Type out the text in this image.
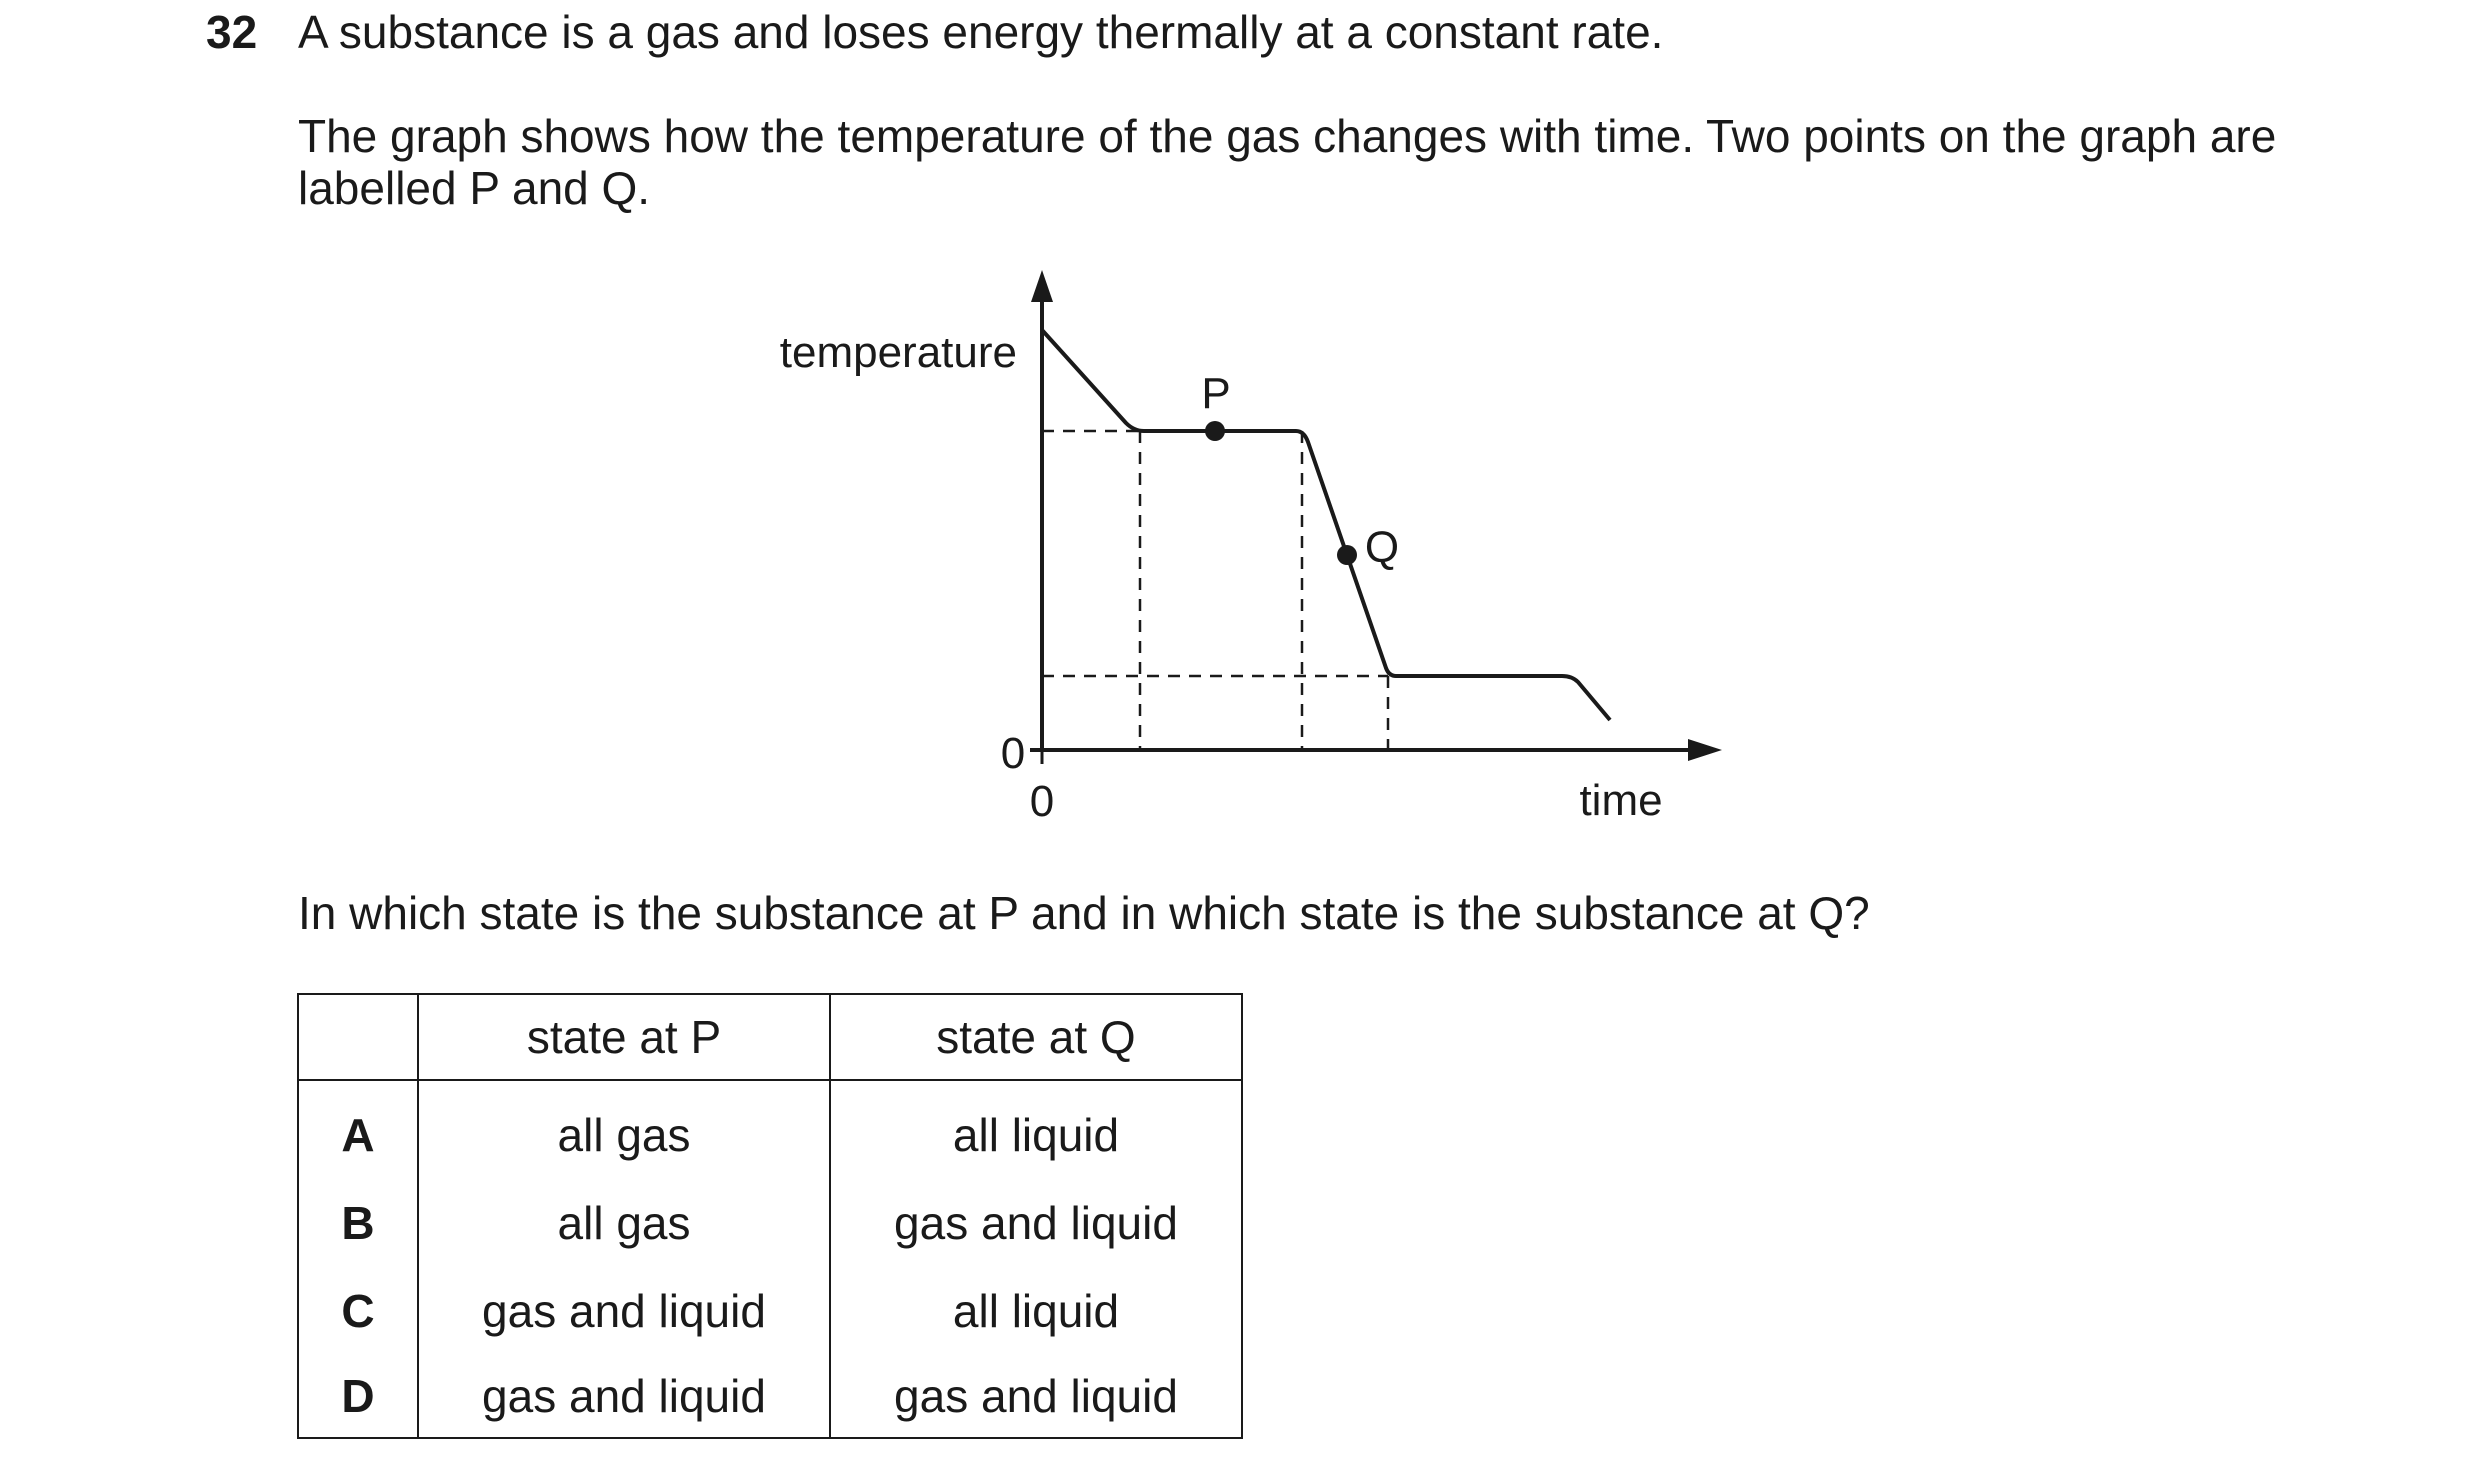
32 A substance is a gas and loses energy thermally at a constant rate.

The graph shows how the temperature of the gas changes with time. Two points on the graph are labelled P and Q.

temperature
time
0
0
P
Q

In which state is the substance at P and in which state is the substance at Q?

	state at P	state at Q
A	all gas	all liquid
B	all gas	gas and liquid
C	gas and liquid	all liquid
D	gas and liquid	gas and liquid
